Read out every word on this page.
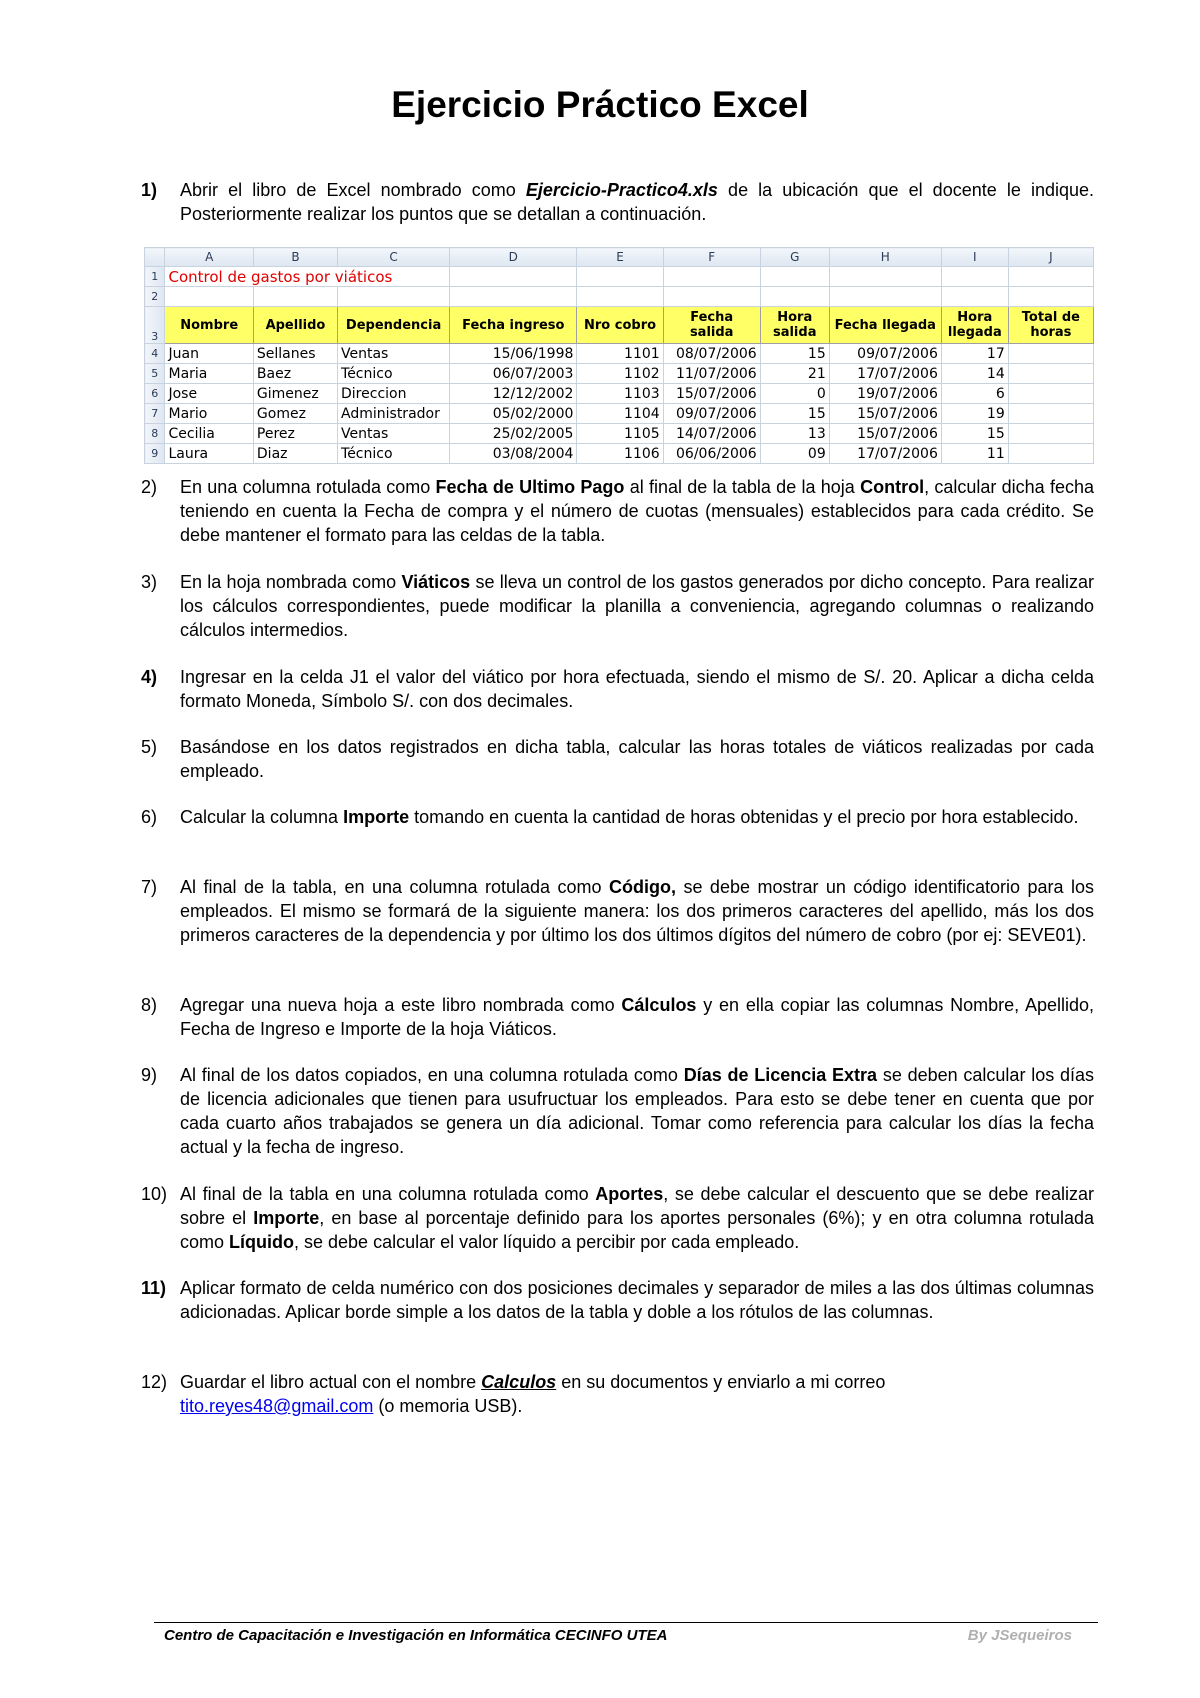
Ejercicio Práctico Excel
1)	Abrir el libro de Excel nombrado como Ejercicio-Practico4.xls de la ubicación que el docente le indique. Posteriormente realizar los puntos que se detallan a continuación.

	A	B	C	D	E	F	G	H	I	J
1	Control de gastos por viáticos									
2										
3	Nombre	Apellido	Dependencia	Fecha ingreso	Nro cobro	Fecha salida	Hora salida	Fecha llegada	Hora llegada	Total de horas
4	Juan	Sellanes	Ventas	15/06/1998	1101	08/07/2006	15	09/07/2006	17	
5	Maria	Baez	Técnico	06/07/2003	1102	11/07/2006	21	17/07/2006	14	
6	Jose	Gimenez	Direccion	12/12/2002	1103	15/07/2006	0	19/07/2006	6	
7	Mario	Gomez	Administrador	05/02/2000	1104	09/07/2006	15	15/07/2006	19	
8	Cecilia	Perez	Ventas	25/02/2005	1105	14/07/2006	13	15/07/2006	15	
9	Laura	Diaz	Técnico	03/08/2004	1106	06/06/2006	09	17/07/2006	11	
2)	En una columna rotulada como Fecha de Ultimo Pago al final de la tabla de la hoja Control, calcular dicha fecha teniendo en cuenta la Fecha de compra y el número de cuotas (mensuales) establecidos para cada crédito. Se debe mantener el formato para las celdas de la tabla.

3)	En la hoja nombrada como Viáticos se lleva un control de los gastos generados por dicho concepto. Para realizar los cálculos correspondientes, puede modificar la planilla a conveniencia, agregando columnas o realizando cálculos intermedios.

4)	Ingresar en la celda J1 el valor del viático por hora efectuada, siendo el mismo de S/. 20. Aplicar a dicha celda formato Moneda, Símbolo S/. con dos decimales.

5)	Basándose en los datos registrados en dicha tabla, calcular las horas totales de viáticos realizadas por cada empleado.

6)	Calcular la columna Importe tomando en cuenta la cantidad de horas obtenidas y el precio por hora establecido.

7)	Al final de la tabla, en una columna rotulada como Código, se debe mostrar un código identificatorio para los empleados. El mismo se formará de la siguiente manera: los dos primeros caracteres del apellido, más los dos primeros caracteres de la dependencia y por último los dos últimos dígitos del número de cobro (por ej: SEVE01).

8)	Agregar una nueva hoja a este libro nombrada como Cálculos y en ella copiar las columnas Nombre, Apellido, Fecha de Ingreso e Importe de la hoja Viáticos.

9)	Al final de los datos copiados, en una columna rotulada como Días de Licencia Extra se deben calcular los días de licencia adicionales que tienen para usufructuar los empleados. Para esto se debe tener en cuenta que por cada cuarto años trabajados se genera un día adicional. Tomar como referencia para calcular los días la fecha actual y la fecha de ingreso.

10) Al final de la tabla en una columna rotulada como Aportes, se debe calcular el descuento que se debe realizar sobre el Importe, en base al porcentaje definido para los aportes personales (6%); y en otra columna rotulada como Líquido, se debe calcular el valor líquido a percibir por cada empleado.

11) Aplicar formato de celda numérico con dos posiciones decimales y separador de miles a las dos últimas columnas adicionadas. Aplicar borde simple a los datos de la tabla y doble a los rótulos de las columnas.

12) Guardar el libro actual con el nombre Calculos en su documentos y enviarlo a mi correo
tito.reyes48@gmail.com (o memoria USB).

Centro de Capacitación e Investigación en Informática CECINFO UTEA	By JSequeiros
